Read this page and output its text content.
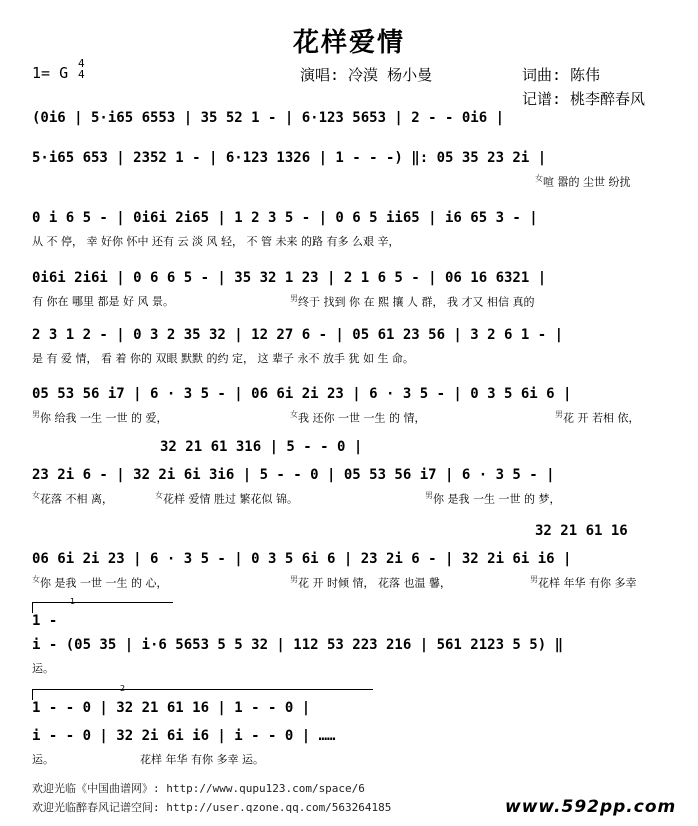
花样爱情
1= G
4
4	演唱: 冷漠 杨小曼	词曲: 陈伟
记谱: 桃李醉春风
(0i6 | 5·i65 6553 | 35 52 1 - | 6·123 5653 | 2 - - 0i6 |
5·i65 653 | 2352 1 - | 6·123 1326 | 1 - - -) ‖: 05 35 23 2i |
$^女$喧 嚣的 尘世 纷扰
0 i 6 5 - | 0i6i 2i65 | 1 2 3 5 - | 0 6 5 ii65 | i6 65 3 - |
从 不 停， 幸 好你 怀中 还有 云 淡 风 轻， 不 管 未来 的路 有多 么艰 辛，
0i6i 2i6i | 0 6 6 5 - | 35 32 1 23 | 2 1 6 5 - | 06 16 6321 |
有 你在 哪里 都是 好 风 景。	$^男$终于 找到 你 在 熙 攘 人 群， 我 才又 相信 真的
2 3 1 2 - | 0 3 2 35 32 | 12 27 6 - | 05 61 23 56 | 3 2 6 1 - |
是 有 爱 情， 看 着 你的 双眼 默默 的约 定， 这 辈子 永不 放手 犹 如 生 命。
05 53 56 i7 | 6 · 3 5 - | 06 6i 2i 23 | 6 · 3 5 - | 0 3 5 6i 6 |
$^男$你 给我 一生 一世 的 爱，	$^女$我 还你 一世 一生 的 情，	$^男$花 开 若相 依，
32 21 61 316 | 5 - - 0 |
23 2i 6 - | 32 2i 6i 3i6 | 5 - - 0 | 05 53 56 i7 | 6 · 3 5 - |
$^女$花落 不相 离，	$^女$花样 爱情 胜过 繁花似 锦。	$^男$你 是我 一生 一世 的 梦，
32 21 61 16
06 6i 2i 23 | 6 · 3 5 - | 0 3 5 6i 6 | 23 2i 6 - | 32 2i 6i i6 |
$^女$你 是我 一世 一生 的 心，	$^男$花 开 时倾 情， 花落 也温 馨，	$^男$花样 年华 有你 多幸
1 -
i - (05 35 | i·6 5653 5 5 32 | 112 53 223 216 | 561 2123 5 5) ‖
运。
1 - - 0 | 32 21 61 16 | 1 - - 0 |
i - - 0 | 32 2i 6i i6 | i - - 0 | ……
运。	花样 年华 有你 多幸 运。
1
2
欢迎光临《中国曲谱网》: http://www.qupu123.com/space/6
欢迎光临醉春风记谱空间: http://user.qzone.qq.com/563264185	www.592pp.com
